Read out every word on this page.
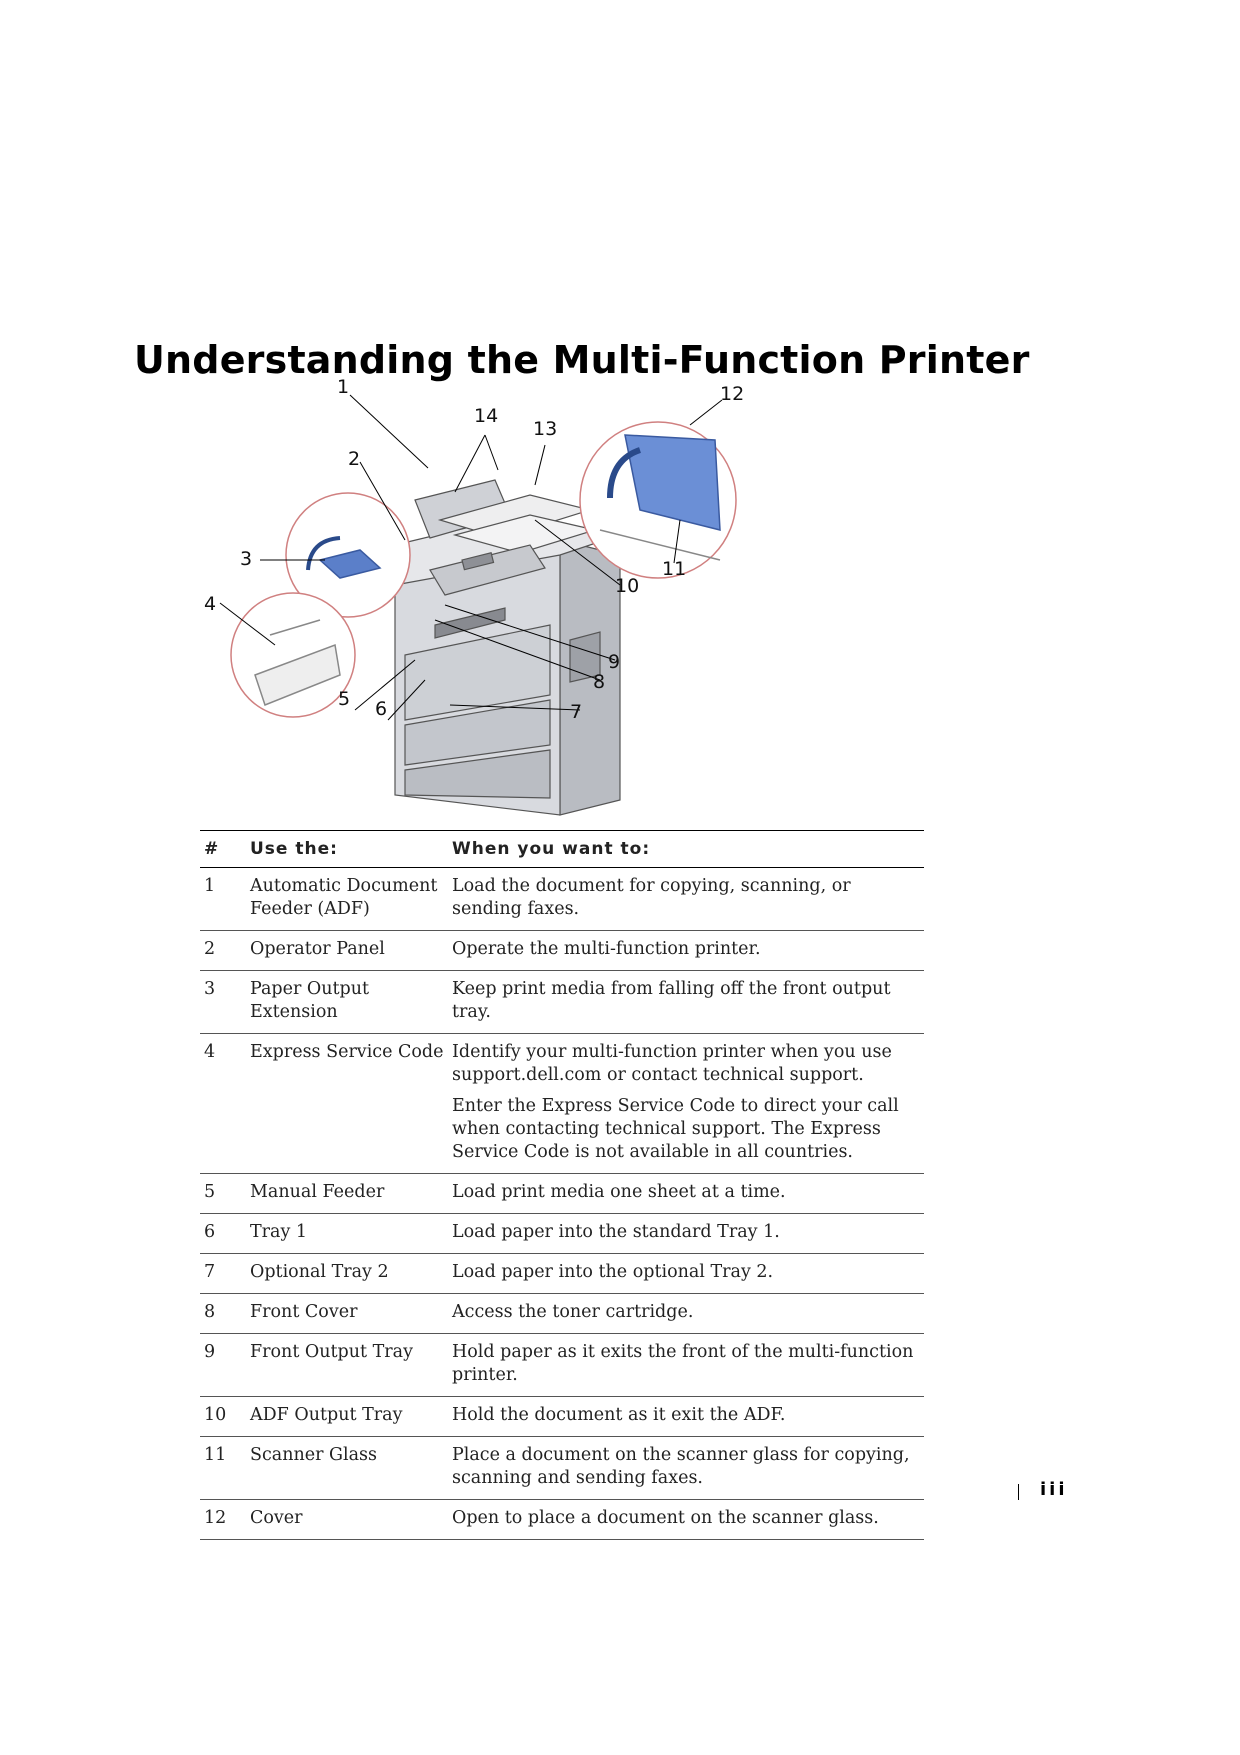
Understanding the Multi-Function Printer
1
2
3
4
5 6	7
8
9
10
11
12
13
14
#	Use the:	When you want to:
1	Automatic Document Feeder (ADF)	Load the document for copying, scanning, or sending faxes.

2	Operator Panel	Operate the multi-function printer.

3	Paper Output Extension	Keep print media from falling off the front output tray.

4	Express Service Code	Identify your multi-function printer when you use support.dell.com or contact technical support.

Enter the Express Service Code to direct your call when contacting technical support. The Express Service Code is not available in all countries.

5	Manual Feeder	Load print media one sheet at a time.

6	Tray 1	Load paper into the standard Tray 1.

7	Optional Tray 2	Load paper into the optional Tray 2.

8	Front Cover	Access the toner cartridge.

9	Front Output Tray	Hold paper as it exits the front of the multi-function printer.

10	ADF Output Tray	Hold the document as it exit the ADF.

11	Scanner Glass	Place a document on the scanner glass for copying, scanning and sending faxes.

12	Cover	Open to place a document on the scanner glass.

iii
